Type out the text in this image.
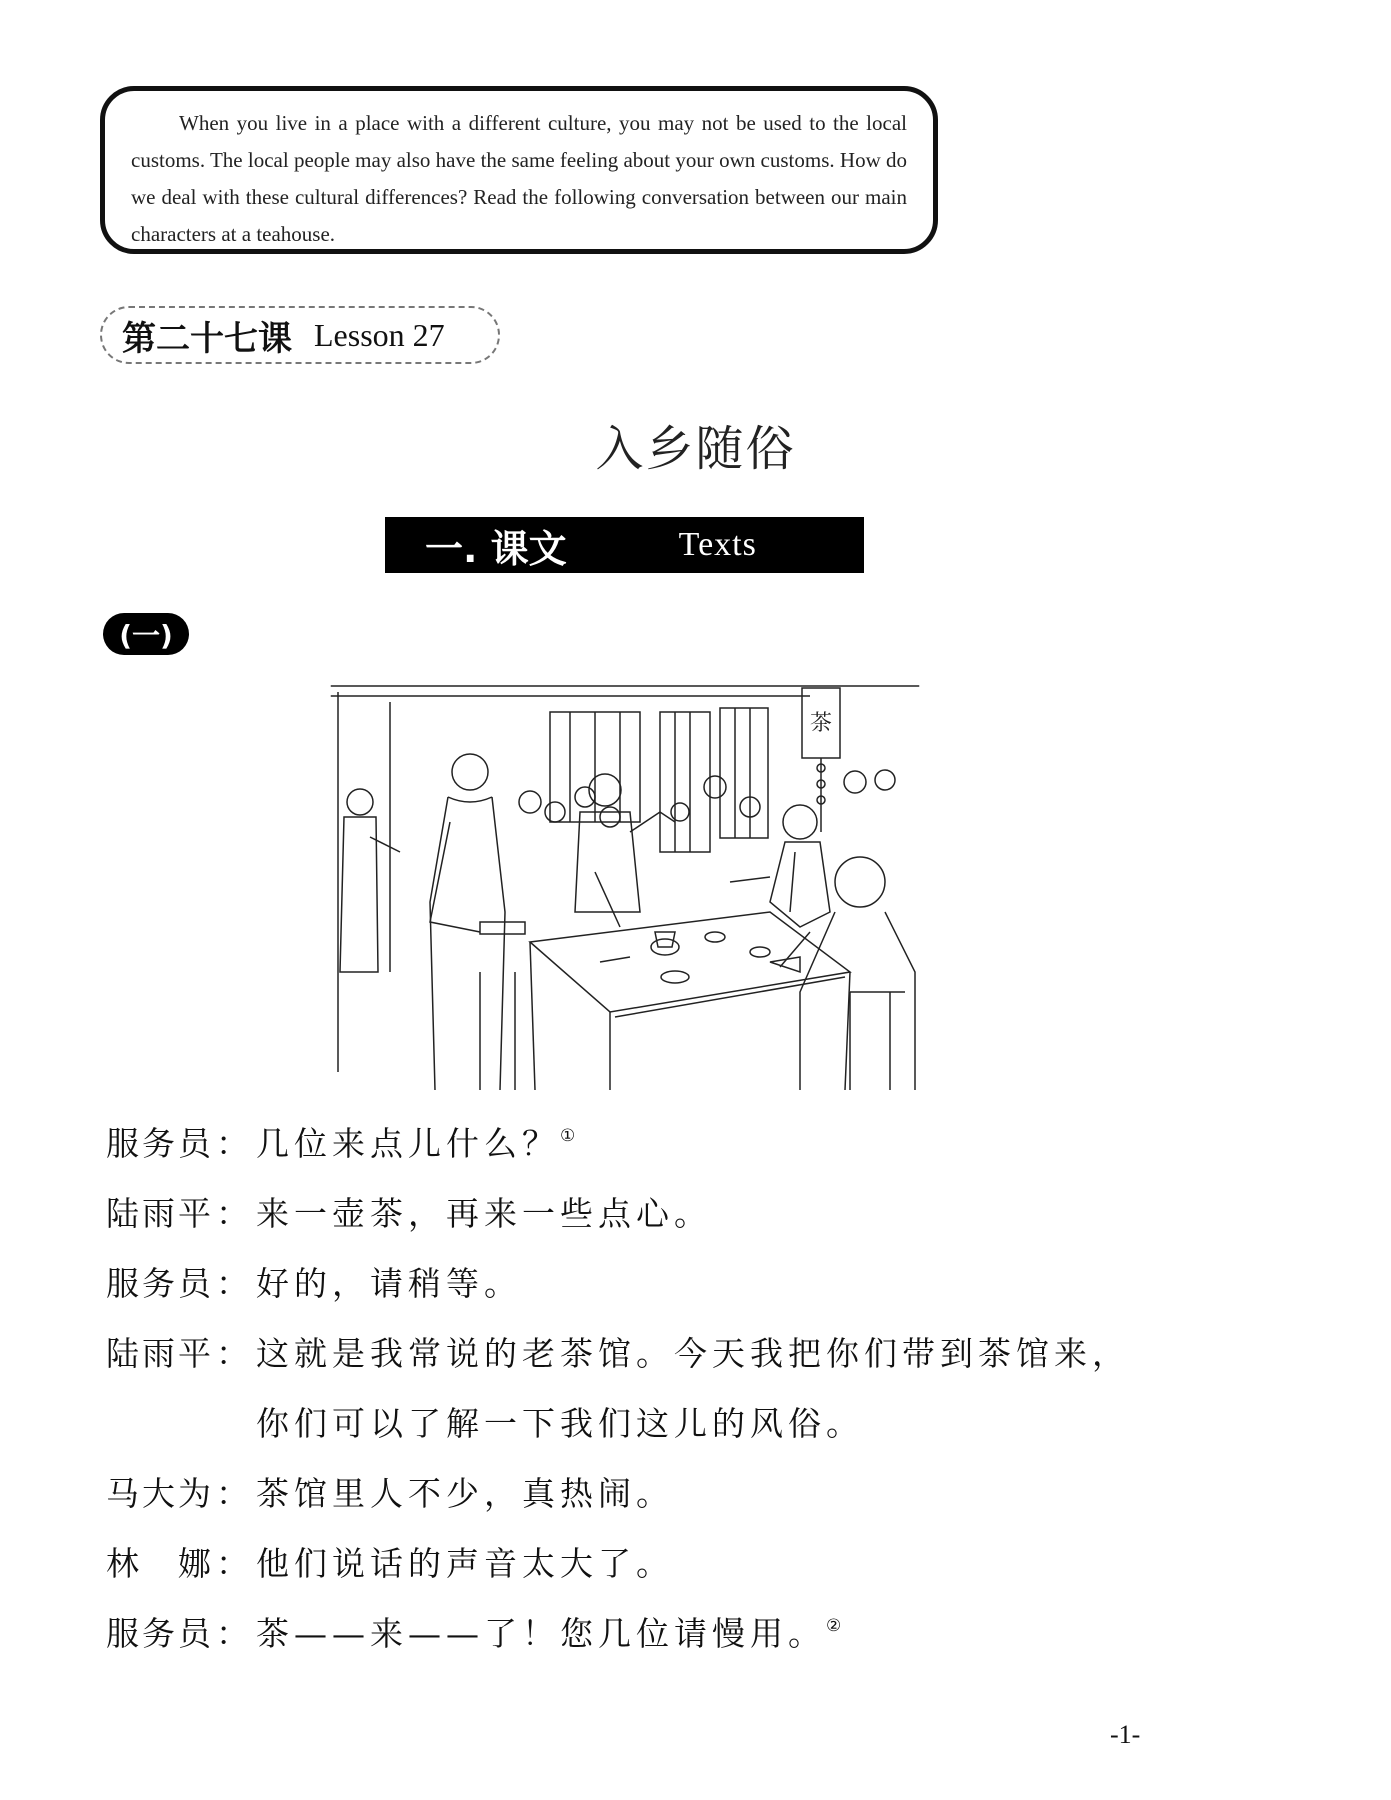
When you live in a place with a different culture, you may not be used to the local customs. The local people may also have the same feeling about your own customs. How do we deal with these cultural differences? Read the following conversation between our main characters at a teahouse.
第二十七课 Lesson 27
入乡随俗
一. 课文	Texts
(一)
茶
服务员 ： 几位来点儿什么？①
陆雨平 ： 来一壶茶，再来一些点心。
服务员 ： 好的，请稍等。
陆雨平 ： 这就是我常说的老茶馆。今天我把你们带到茶馆来，
你们可以了解一下我们这儿的风俗。
马大为 ： 茶馆里人不少，真热闹。
林　娜 ： 他们说话的声音太大了。
服务员 ： 茶——来——了！您几位请慢用。②
-1-
